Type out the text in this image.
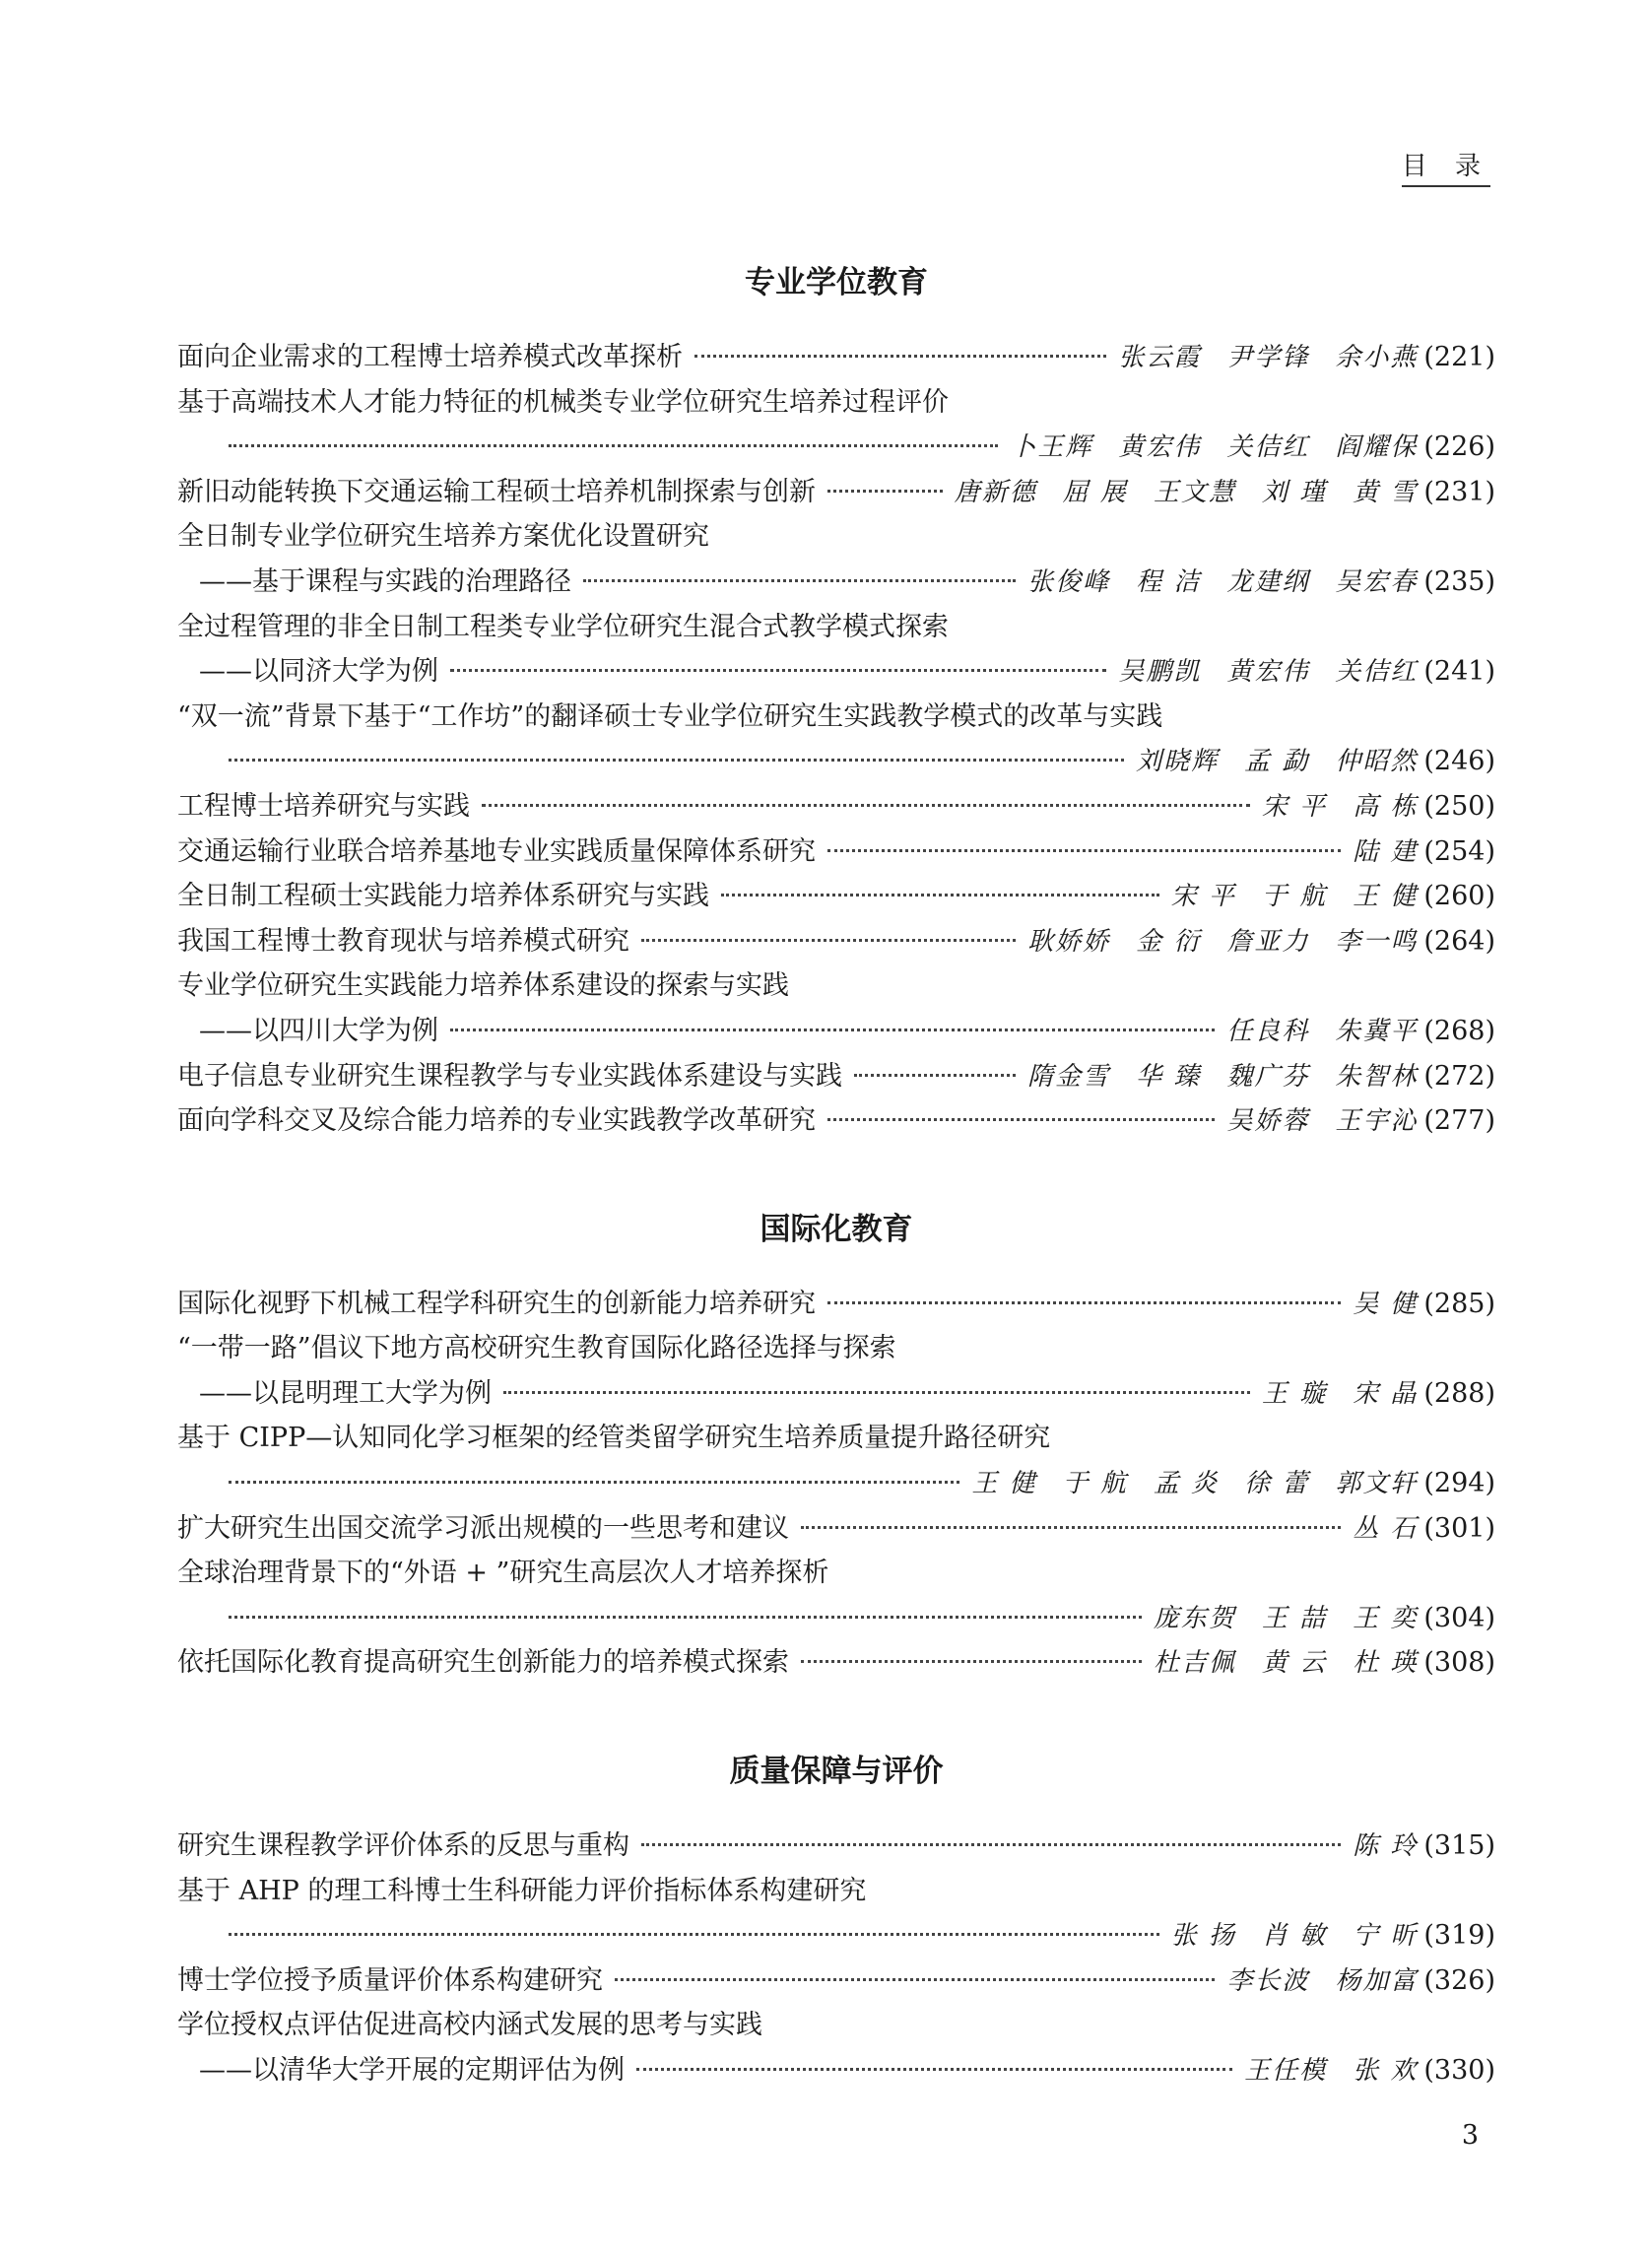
目 录
专业学位教育
面向企业需求的工程博士培养模式改革探析	张云霞 尹学锋 余小燕 (221)
基于高端技术人才能力特征的机械类专业学位研究生培养过程评价
卜王辉 黄宏伟 关佶红 阎耀保 (226)
新旧动能转换下交通运输工程硕士培养机制探索与创新	唐新德 屈 展 王文慧 刘 瑾 黄 雪 (231)
全日制专业学位研究生培养方案优化设置研究
——基于课程与实践的治理路径	张俊峰 程 洁 龙建纲 吴宏春 (235)
全过程管理的非全日制工程类专业学位研究生混合式教学模式探索
——以同济大学为例	吴鹏凯 黄宏伟 关佶红 (241)
“双一流”背景下基于“工作坊”的翻译硕士专业学位研究生实践教学模式的改革与实践
刘晓辉 孟 勐 仲昭然 (246)
工程博士培养研究与实践	宋 平 高 栋 (250)
交通运输行业联合培养基地专业实践质量保障体系研究	陆 建 (254)
全日制工程硕士实践能力培养体系研究与实践	宋 平 于 航 王 健 (260)
我国工程博士教育现状与培养模式研究	耿娇娇 金 衍 詹亚力 李一鸣 (264)
专业学位研究生实践能力培养体系建设的探索与实践
——以四川大学为例	任良科 朱冀平 (268)
电子信息专业研究生课程教学与专业实践体系建设与实践	隋金雪 华 臻 魏广芬 朱智林 (272)
面向学科交叉及综合能力培养的专业实践教学改革研究	吴娇蓉 王宇沁 (277)
国际化教育
国际化视野下机械工程学科研究生的创新能力培养研究	吴 健 (285)
“一带一路”倡议下地方高校研究生教育国际化路径选择与探索
——以昆明理工大学为例	王 璇 宋 晶 (288)
基于 CIPP—认知同化学习框架的经管类留学研究生培养质量提升路径研究
王 健 于 航 孟 炎 徐 蕾 郭文轩 (294)
扩大研究生出国交流学习派出规模的一些思考和建议	丛 石 (301)
全球治理背景下的“外语 + ”研究生高层次人才培养探析
庞东贺 王 喆 王 奕 (304)
依托国际化教育提高研究生创新能力的培养模式探索	杜吉佩 黄 云 杜 瑛 (308)
质量保障与评价
研究生课程教学评价体系的反思与重构	陈 玲 (315)
基于 AHP 的理工科博士生科研能力评价指标体系构建研究
张 扬 肖 敏 宁 昕 (319)
博士学位授予质量评价体系构建研究	李长波 杨加富 (326)
学位授权点评估促进高校内涵式发展的思考与实践
——以清华大学开展的定期评估为例	王任模 张 欢 (330)
3
